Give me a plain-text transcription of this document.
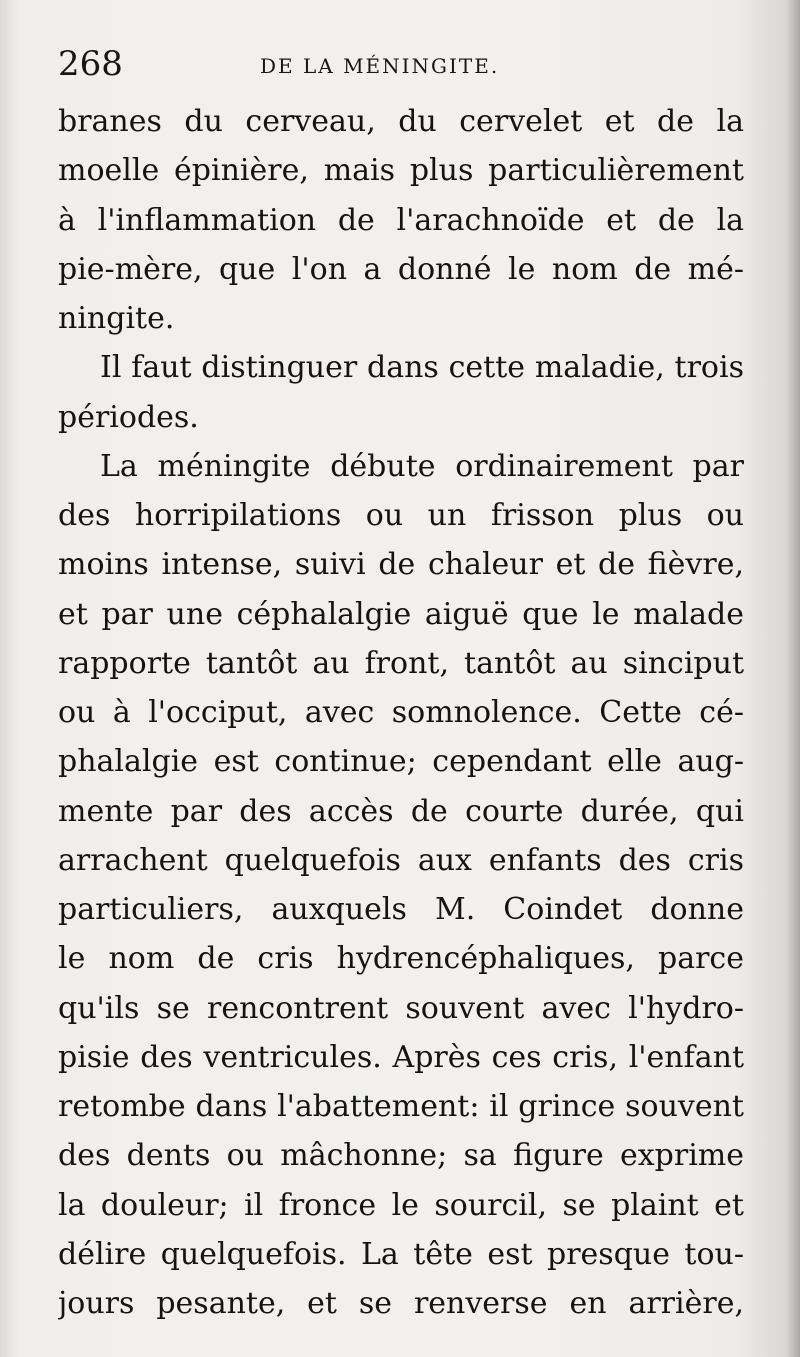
268	DE LA MÉNINGITE.
branes du cerveau, du cervelet et de la
moelle épinière, mais plus particulièrement
à l'inflammation de l'arachnoïde et de la
pie-mère, que l'on a donné le nom de mé-
ningite.
Il faut distinguer dans cette maladie, trois
périodes.
La méningite débute ordinairement par
des horripilations ou un frisson plus ou
moins intense, suivi de chaleur et de fièvre,
et par une céphalalgie aiguë que le malade
rapporte tantôt au front, tantôt au sinciput
ou à l'occiput, avec somnolence. Cette cé-
phalalgie est continue; cependant elle aug-
mente par des accès de courte durée, qui
arrachent quelquefois aux enfants des cris
particuliers, auxquels M. Coindet donne
le nom de cris hydrencéphaliques, parce
qu'ils se rencontrent souvent avec l'hydro-
pisie des ventricules. Après ces cris, l'enfant
retombe dans l'abattement: il grince souvent
des dents ou mâchonne; sa figure exprime
la douleur; il fronce le sourcil, se plaint et
délire quelquefois. La tête est presque tou-
jours pesante, et se renverse en arrière,
